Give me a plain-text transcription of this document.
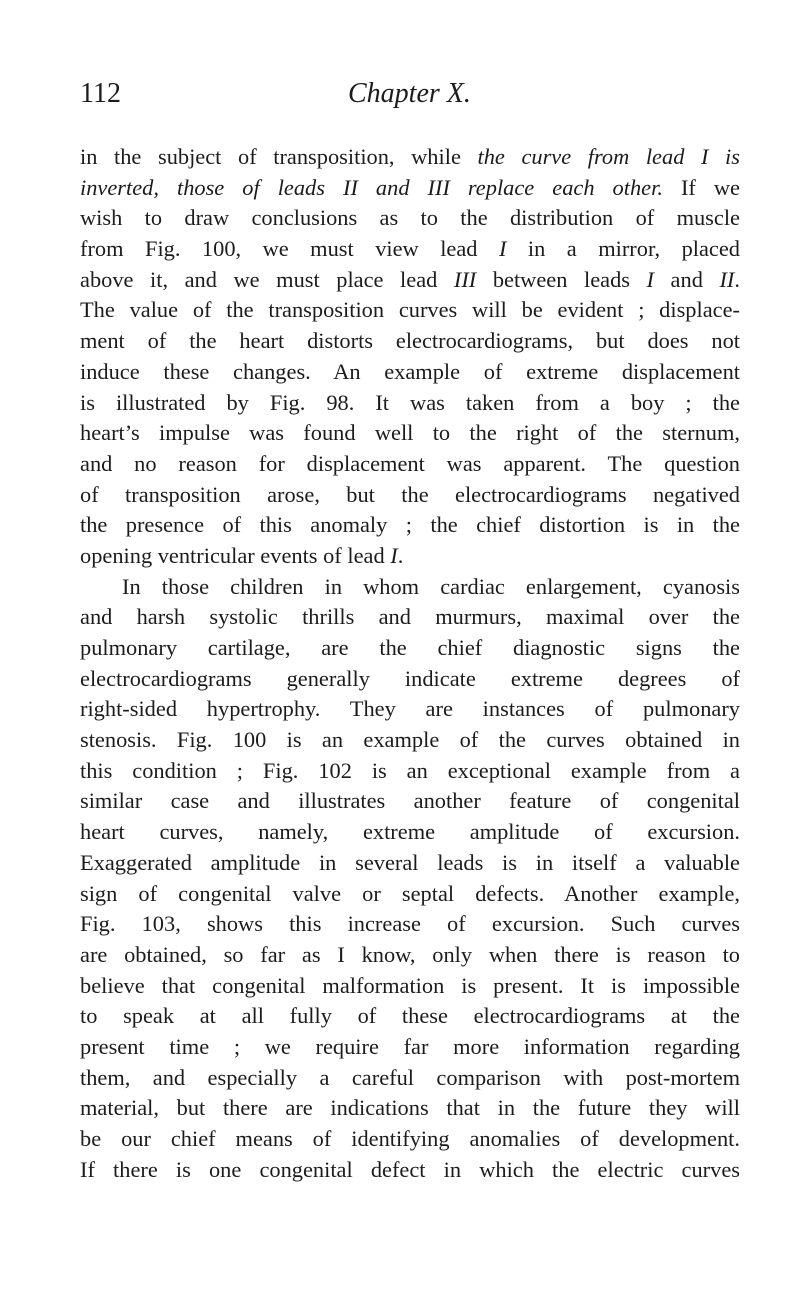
112	Chapter X.
in the subject of transposition, while the curve from lead I is
inverted, those of leads II and III replace each other. If we
wish to draw conclusions as to the distribution of muscle
from Fig. 100, we must view lead I in a mirror, placed
above it, and we must place lead III between leads I and II.
The value of the transposition curves will be evident ; displace-
ment of the heart distorts electrocardiograms, but does not
induce these changes. An example of extreme displacement
is illustrated by Fig. 98. It was taken from a boy ; the
heart’s impulse was found well to the right of the sternum,
and no reason for displacement was apparent. The question
of transposition arose, but the electrocardiograms negatived
the presence of this anomaly ; the chief distortion is in the
opening ventricular events of lead I.
In those children in whom cardiac enlargement, cyanosis
and harsh systolic thrills and murmurs, maximal over the
pulmonary cartilage, are the chief diagnostic signs the
electrocardiograms generally indicate extreme degrees of
right-sided hypertrophy. They are instances of pulmonary
stenosis. Fig. 100 is an example of the curves obtained in
this condition ; Fig. 102 is an exceptional example from a
similar case and illustrates another feature of congenital
heart curves, namely, extreme amplitude of excursion.
Exaggerated amplitude in several leads is in itself a valuable
sign of congenital valve or septal defects. Another example,
Fig. 103, shows this increase of excursion. Such curves
are obtained, so far as I know, only when there is reason to
believe that congenital malformation is present. It is impossible
to speak at all fully of these electrocardiograms at the
present time ; we require far more information regarding
them, and especially a careful comparison with post-mortem
material, but there are indications that in the future they will
be our chief means of identifying anomalies of development.
If there is one congenital defect in which the electric curves
